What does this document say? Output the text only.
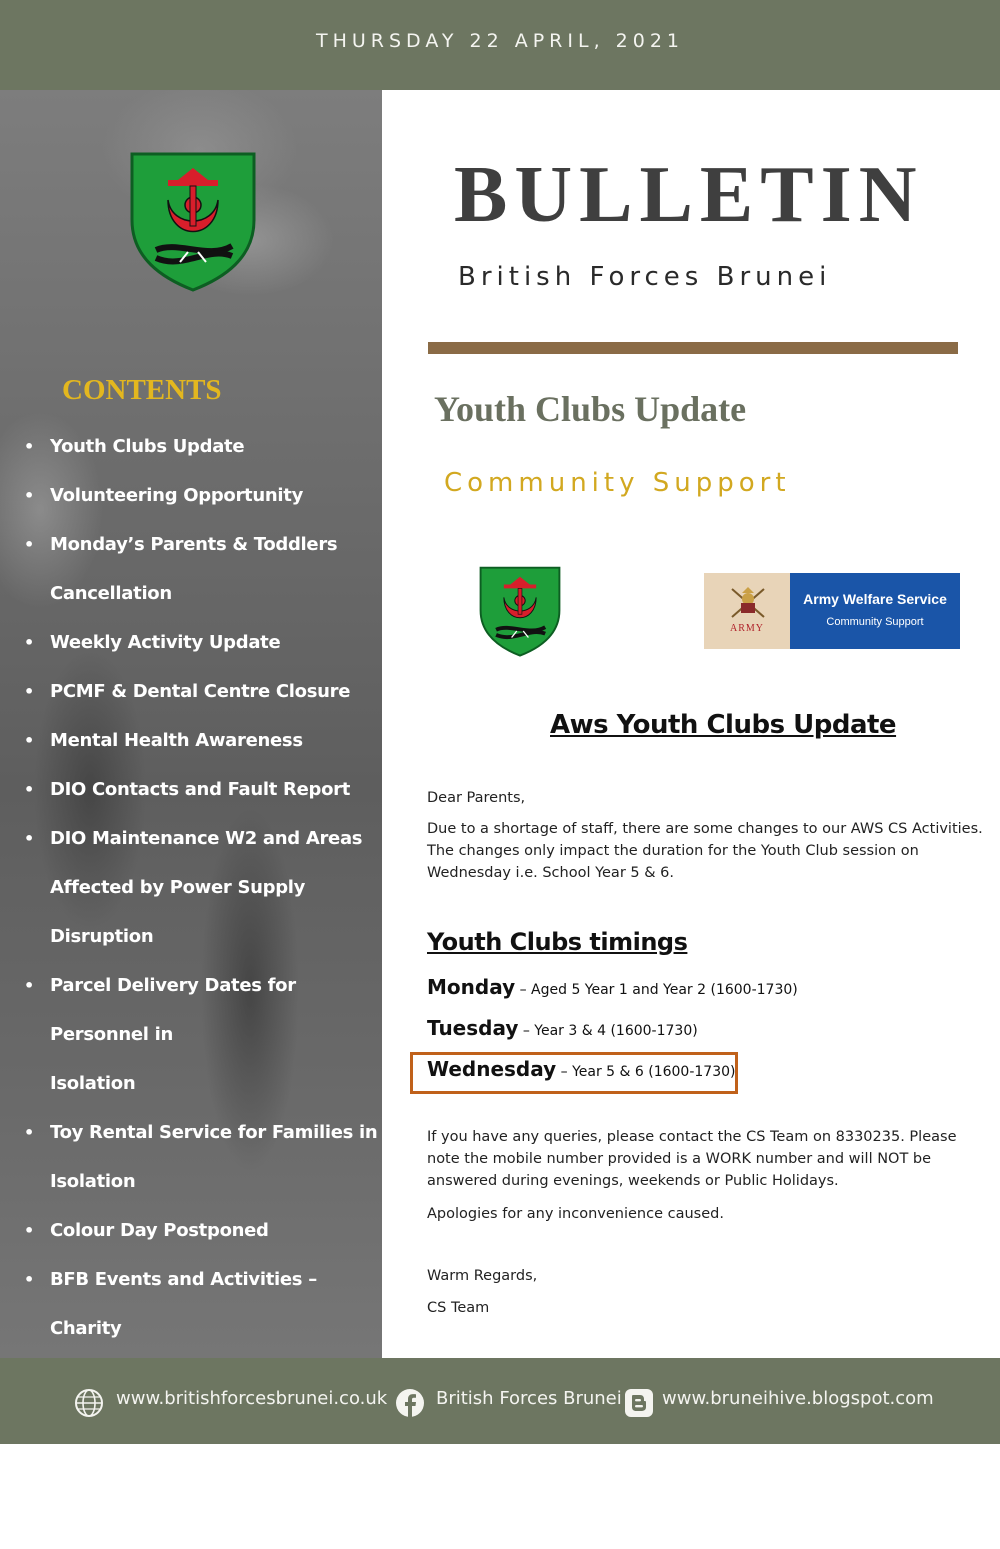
THURSDAY 22 APRIL, 2021
CONTENTS
• Youth Clubs Update
• Volunteering Opportunity
• Monday’s Parents & Toddlers
Cancellation
• Weekly Activity Update
• PCMF & Dental Centre Closure
• Mental Health Awareness
• DIO Contacts and Fault Report
• DIO Maintenance W2 and Areas
Affected by Power Supply Disruption
• Parcel Delivery Dates for Personnel in
Isolation
• Toy Rental Service for Families in
Isolation
• Colour Day Postponed
• BFB Events and Activities – Charity
Fair, Colour Day
• BFB Activity Calendar
BULLETIN
British Forces Brunei
Youth Clubs Update
Community Support
ARMY
Army Welfare Service
Community Support
Aws Youth Clubs Update
Dear Parents,
Due to a shortage of staff, there are some changes to our AWS CS Activities. The changes only impact the duration for the Youth Club session on Wednesday i.e. School Year 5 & 6.
Youth Clubs timings
Monday – Aged 5 Year 1 and Year 2 (1600-1730)
Tuesday – Year 3 & 4 (1600-1730)
Wednesday – Year 5 & 6 (1600-1730)
If you have any queries, please contact the CS Team on 8330235. Please note the mobile number provided is a WORK number and will NOT be answered during evenings, weekends or Public Holidays.
Apologies for any inconvenience caused.
Warm Regards,
CS Team
www.britishforcesbrunei.co.uk	British Forces Brunei www.bruneihive.blogspot.com
